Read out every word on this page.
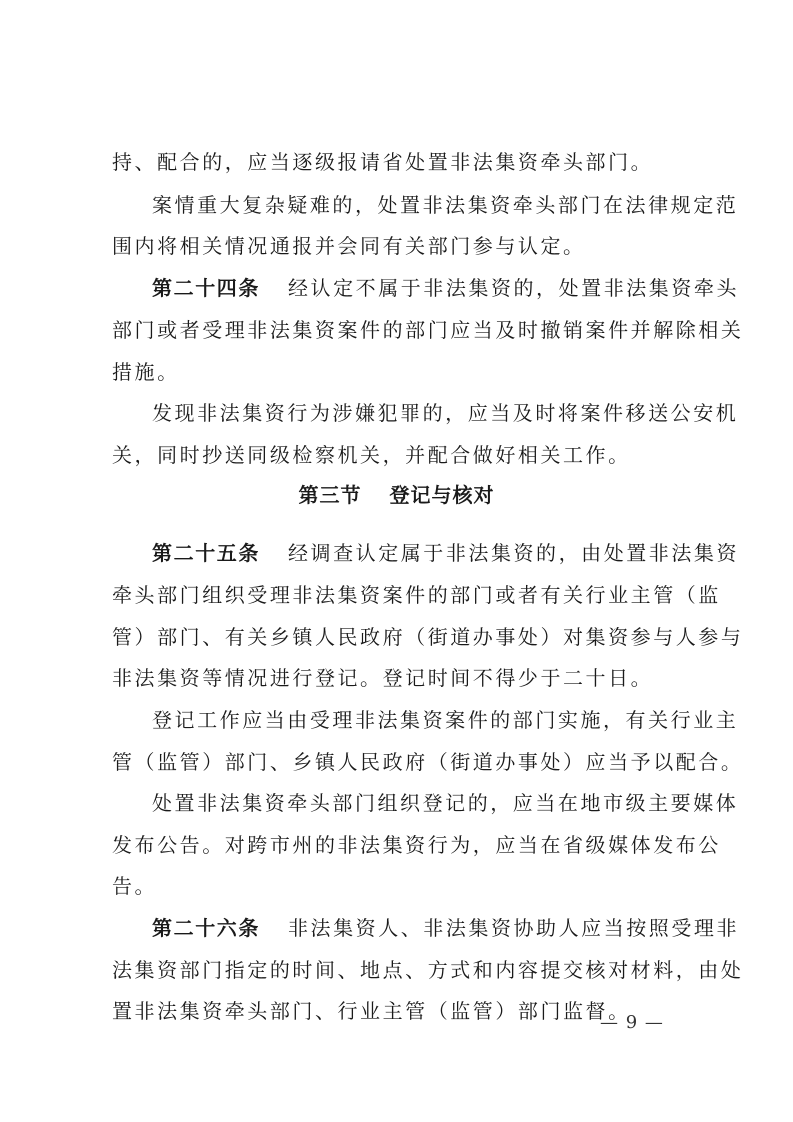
持、配合的，应当逐级报请省处置非法集资牵头部门。
案情重大复杂疑难的，处置非法集资牵头部门在法律规定范
围内将相关情况通报并会同有关部门参与认定。
第二十四条 经认定不属于非法集资的，处置非法集资牵头
部门或者受理非法集资案件的部门应当及时撤销案件并解除相关
措施。
发现非法集资行为涉嫌犯罪的，应当及时将案件移送公安机
关，同时抄送同级检察机关，并配合做好相关工作。
第三节 登记与核对
第二十五条 经调查认定属于非法集资的，由处置非法集资
牵头部门组织受理非法集资案件的部门或者有关行业主管（监
管）部门、有关乡镇人民政府（街道办事处）对集资参与人参与
非法集资等情况进行登记。登记时间不得少于二十日。
登记工作应当由受理非法集资案件的部门实施，有关行业主
管（监管）部门、乡镇人民政府（街道办事处）应当予以配合。
处置非法集资牵头部门组织登记的，应当在地市级主要媒体
发布公告。对跨市州的非法集资行为，应当在省级媒体发布公
告。
第二十六条 非法集资人、非法集资协助人应当按照受理非
法集资部门指定的时间、地点、方式和内容提交核对材料，由处
置非法集资牵头部门、行业主管（监管）部门监督。
— 9 —
